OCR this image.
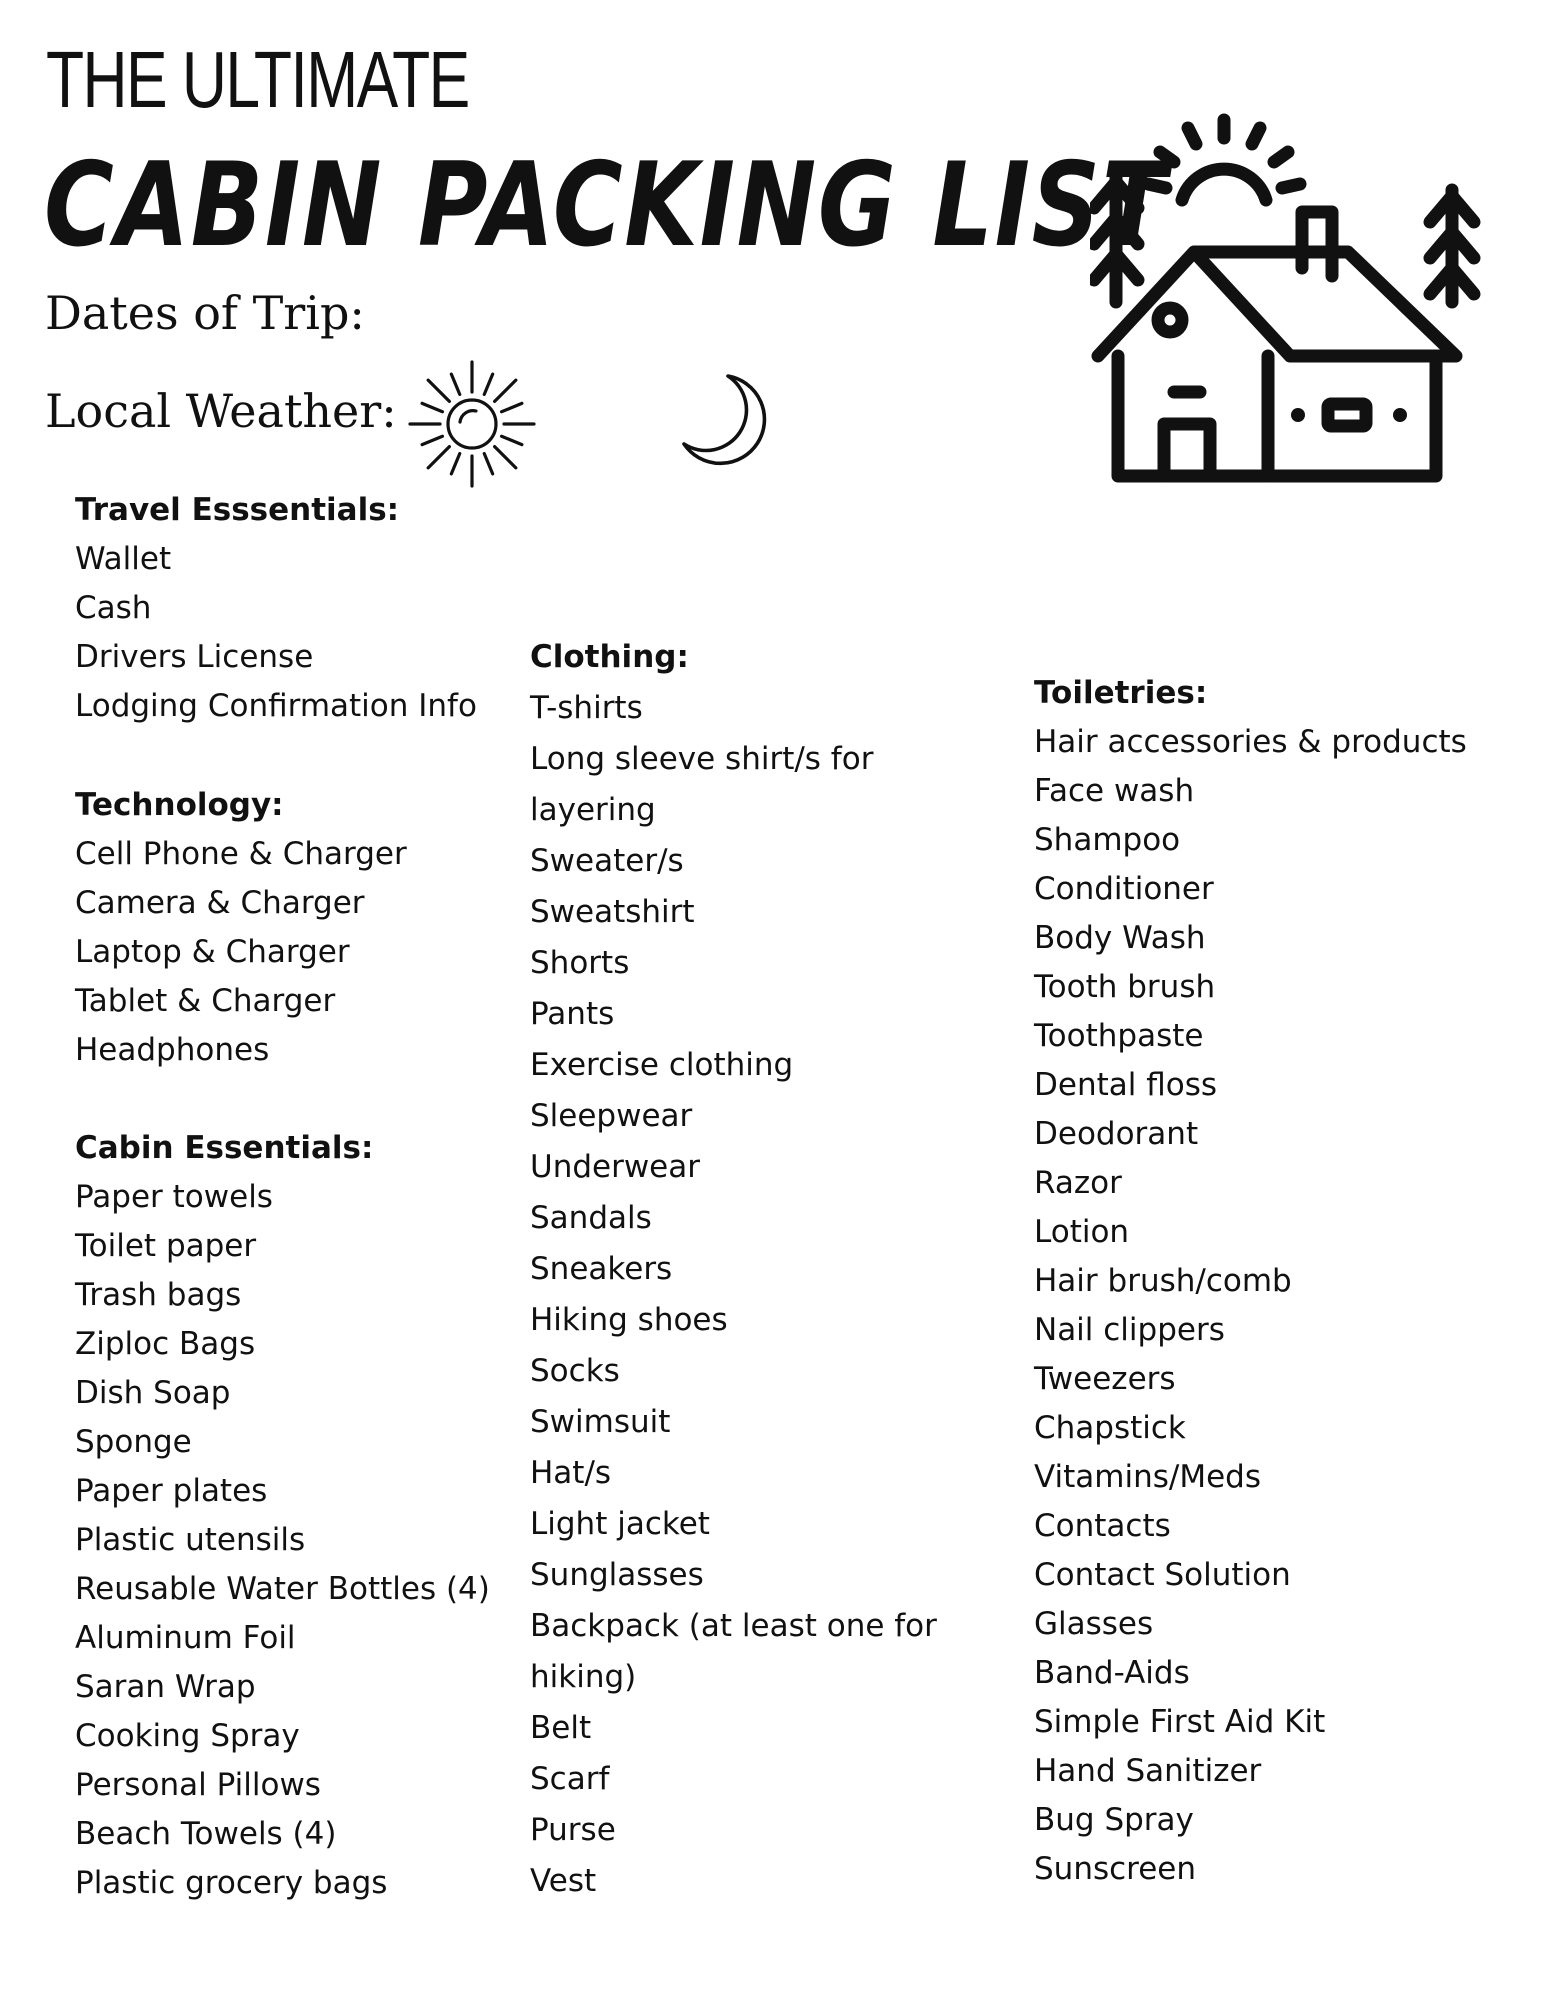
THE ULTIMATE
CABIN PACKING LIST
Dates of Trip:
Local Weather:
Travel Esssentials:
Wallet
Cash
Drivers License
Lodging Confirmation Info
Technology:
Cell Phone & Charger
Camera & Charger
Laptop & Charger
Tablet & Charger
Headphones
Cabin Essentials:
Paper towels
Toilet paper
Trash bags
Ziploc Bags
Dish Soap
Sponge
Paper plates
Plastic utensils
Reusable Water Bottles (4)
Aluminum Foil
Saran Wrap
Cooking Spray
Personal Pillows
Beach Towels (4)
Plastic grocery bags
Clothing:
T-shirts
Long sleeve shirt/s for
layering
Sweater/s
Sweatshirt
Shorts
Pants
Exercise clothing
Sleepwear
Underwear
Sandals
Sneakers
Hiking shoes
Socks
Swimsuit
Hat/s
Light jacket
Sunglasses
Backpack (at least one for
hiking)
Belt
Scarf
Purse
Vest
Toiletries:
Hair accessories & products
Face wash
Shampoo
Conditioner
Body Wash
Tooth brush
Toothpaste
Dental floss
Deodorant
Razor
Lotion
Hair brush/comb
Nail clippers
Tweezers
Chapstick
Vitamins/Meds
Contacts
Contact Solution
Glasses
Band-Aids
Simple First Aid Kit
Hand Sanitizer
Bug Spray
Sunscreen
